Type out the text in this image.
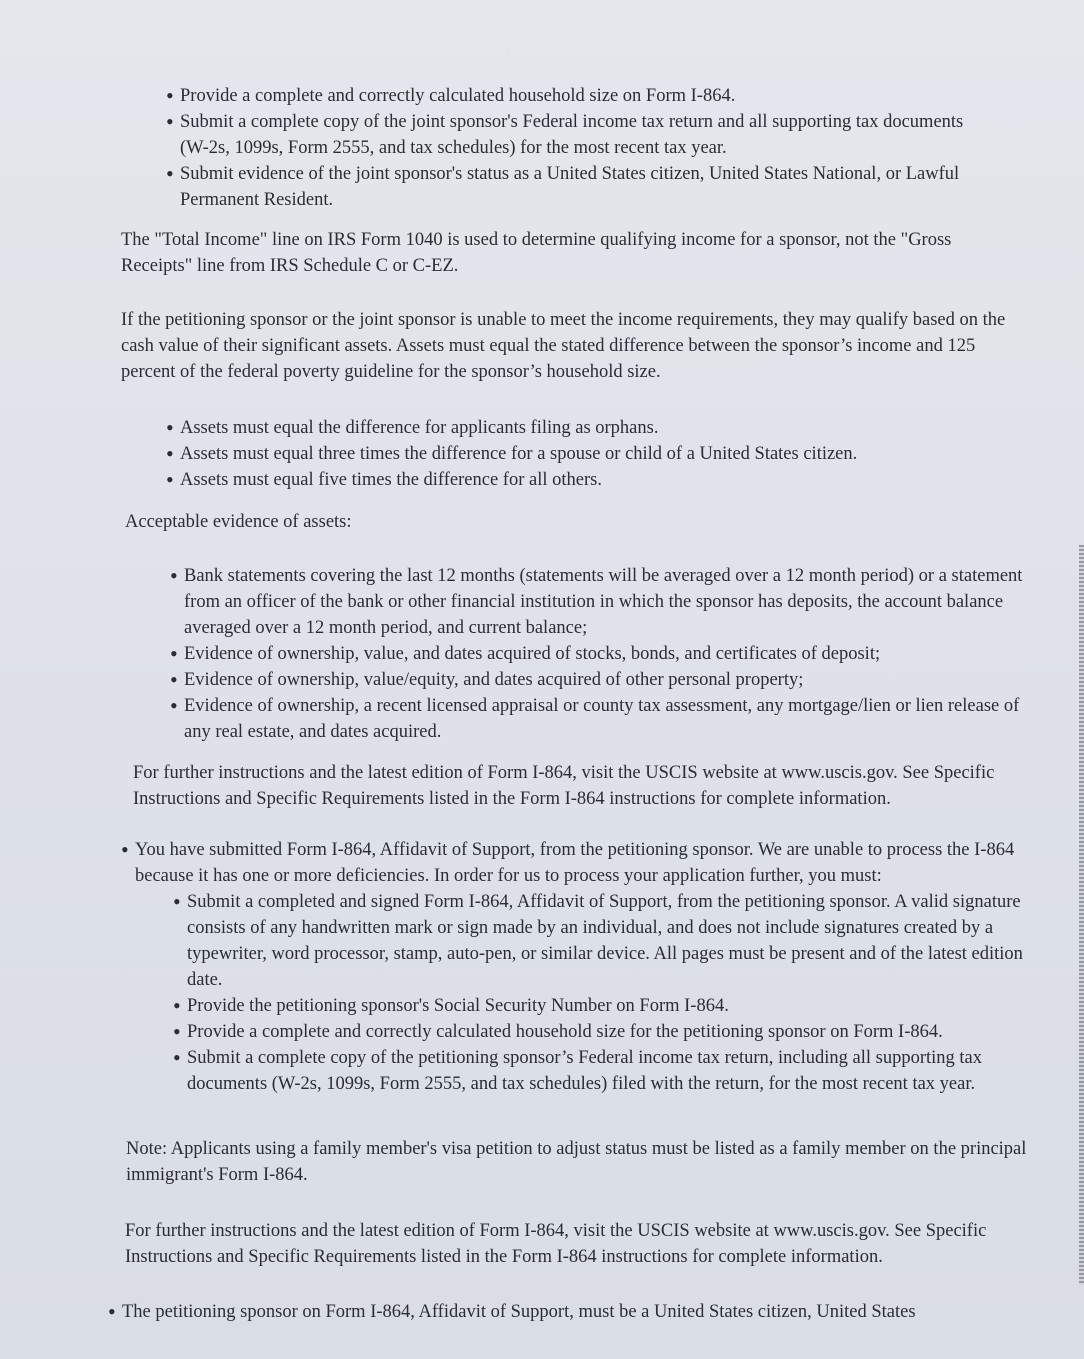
• Provide a complete and correctly calculated household size on Form I-864.
• Submit a complete copy of the joint sponsor's Federal income tax return and all supporting tax documents (W-2s, 1099s, Form 2555, and tax schedules) for the most recent tax year.
• Submit evidence of the joint sponsor's status as a United States citizen, United States National, or Lawful Permanent Resident.

The "Total Income" line on IRS Form 1040 is used to determine qualifying income for a sponsor, not the "Gross Receipts" line from IRS Schedule C or C-EZ.

If the petitioning sponsor or the joint sponsor is unable to meet the income requirements, they may qualify based on the cash value of their significant assets. Assets must equal the stated difference between the sponsor’s income and 125 percent of the federal poverty guideline for the sponsor’s household size.

• Assets must equal the difference for applicants filing as orphans.
• Assets must equal three times the difference for a spouse or child of a United States citizen.
• Assets must equal five times the difference for all others.

Acceptable evidence of assets:

• Bank statements covering the last 12 months (statements will be averaged over a 12 month period) or a statement from an officer of the bank or other financial institution in which the sponsor has deposits, the account balance averaged over a 12 month period, and current balance;
• Evidence of ownership, value, and dates acquired of stocks, bonds, and certificates of deposit;
• Evidence of ownership, value/equity, and dates acquired of other personal property;
• Evidence of ownership, a recent licensed appraisal or county tax assessment, any mortgage/lien or lien release of any real estate, and dates acquired.

For further instructions and the latest edition of Form I-864, visit the USCIS website at www.uscis.gov. See Specific Instructions and Specific Requirements listed in the Form I-864 instructions for complete information.

• You have submitted Form I-864, Affidavit of Support, from the petitioning sponsor. We are unable to process the I-864 because it has one or more deficiencies. In order for us to process your application further, you must:
• Submit a completed and signed Form I-864, Affidavit of Support, from the petitioning sponsor. A valid signature consists of any handwritten mark or sign made by an individual, and does not include signatures created by a typewriter, word processor, stamp, auto-pen, or similar device. All pages must be present and of the latest edition date.
• Provide the petitioning sponsor's Social Security Number on Form I-864.
• Provide a complete and correctly calculated household size for the petitioning sponsor on Form I-864.
• Submit a complete copy of the petitioning sponsor’s Federal income tax return, including all supporting tax documents (W-2s, 1099s, Form 2555, and tax schedules) filed with the return, for the most recent tax year.

Note: Applicants using a family member's visa petition to adjust status must be listed as a family member on the principal immigrant's Form I-864.

For further instructions and the latest edition of Form I-864, visit the USCIS website at www.uscis.gov. See Specific Instructions and Specific Requirements listed in the Form I-864 instructions for complete information.

• The petitioning sponsor on Form I-864, Affidavit of Support, must be a United States citizen, United States
